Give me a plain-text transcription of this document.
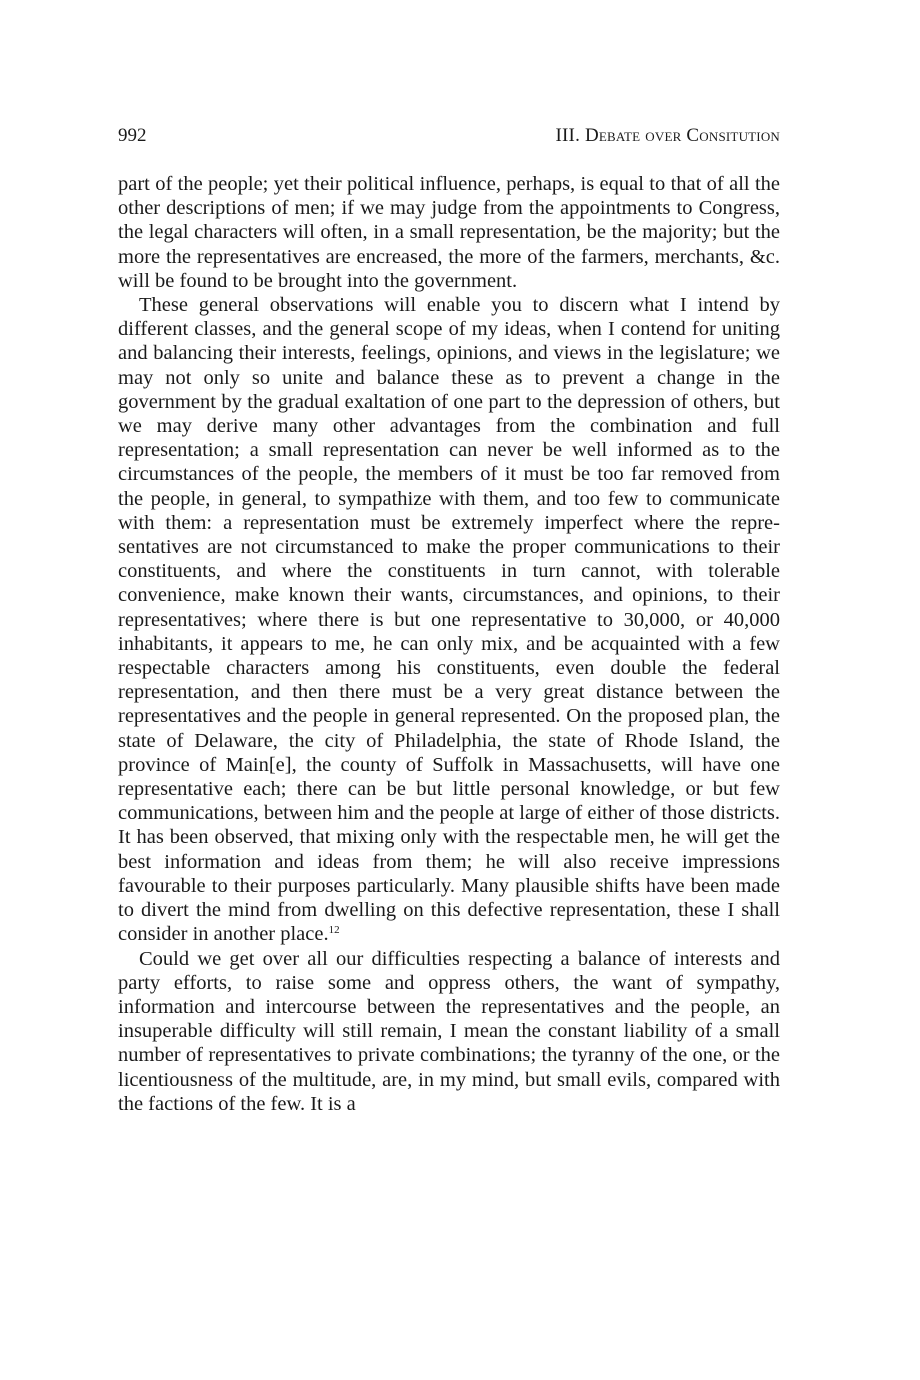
992	III. Debate over Consitution

part of the people; yet their political influence, perhaps, is equal to that of all the other descriptions of men; if we may judge from the appointments to Congress, the legal characters will often, in a small representation, be the majority; but the more the representatives are encreased, the more of the farmers, merchants, &c. will be found to be brought into the government.

These general observations will enable you to discern what I intend by different classes, and the general scope of my ideas, when I contend for uniting and balancing their interests, feelings, opinions, and views in the legislature; we may not only so unite and balance these as to prevent a change in the government by the gradual exaltation of one part to the depression of others, but we may derive many other advantages from the combination and full representation; a small representation can never be well informed as to the circumstances of the people, the members of it must be too far removed from the people, in general, to sympathize with them, and too few to communicate with them: a representation must be extremely imperfect where the representatives are not circumstanced to make the proper communications to their constituents, and where the constituents in turn cannot, with tolerable convenience, make known their wants, circumstances, and opinions, to their representatives; where there is but one representative to 30,000, or 40,000 inhabitants, it appears to me, he can only mix, and be acquainted with a few respectable characters among his constituents, even double the federal representation, and then there must be a very great distance between the representatives and the people in general represented. On the proposed plan, the state of Delaware, the city of Philadelphia, the state of Rhode Island, the province of Main[e], the county of Suffolk in Massachusetts, will have one representative each; there can be but little personal knowledge, or but few communications, between him and the people at large of either of those districts. It has been observed, that mixing only with the respectable men, he will get the best information and ideas from them; he will also receive impressions favourable to their purposes particularly. Many plausible shifts have been made to divert the mind from dwelling on this defective representation, these I shall consider in another place.$^{12}$

Could we get over all our difficulties respecting a balance of interests and party efforts, to raise some and oppress others, the want of sympathy, information and intercourse between the representatives and the people, an insuperable difficulty will still remain, I mean the constant liability of a small number of representatives to private combinations; the tyranny of the one, or the licentiousness of the multitude, are, in my mind, but small evils, compared with the factions of the few. It is a
